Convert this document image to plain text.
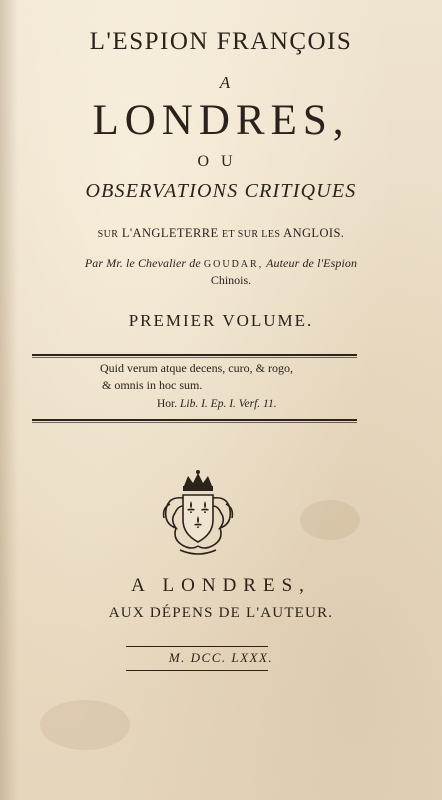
L'ESPION FRANÇOIS
A
LONDRES,
OU
OBSERVATIONS CRITIQUES
SUR L'ANGLETERRE ET SUR LES ANGLOIS.
Par Mr. le Chevalier de GOUDAR, Auteur de l'Espion
Chinois.
PREMIER VOLUME.
Quid verum atque decens, curo, & rogo,
& omnis in hoc sum.
Hor. Lib. I. Ep. I. Verf. 11.
A LONDRES,
AUX DÉPENS DE L'AUTEUR.
M. DCC. LXXX.
